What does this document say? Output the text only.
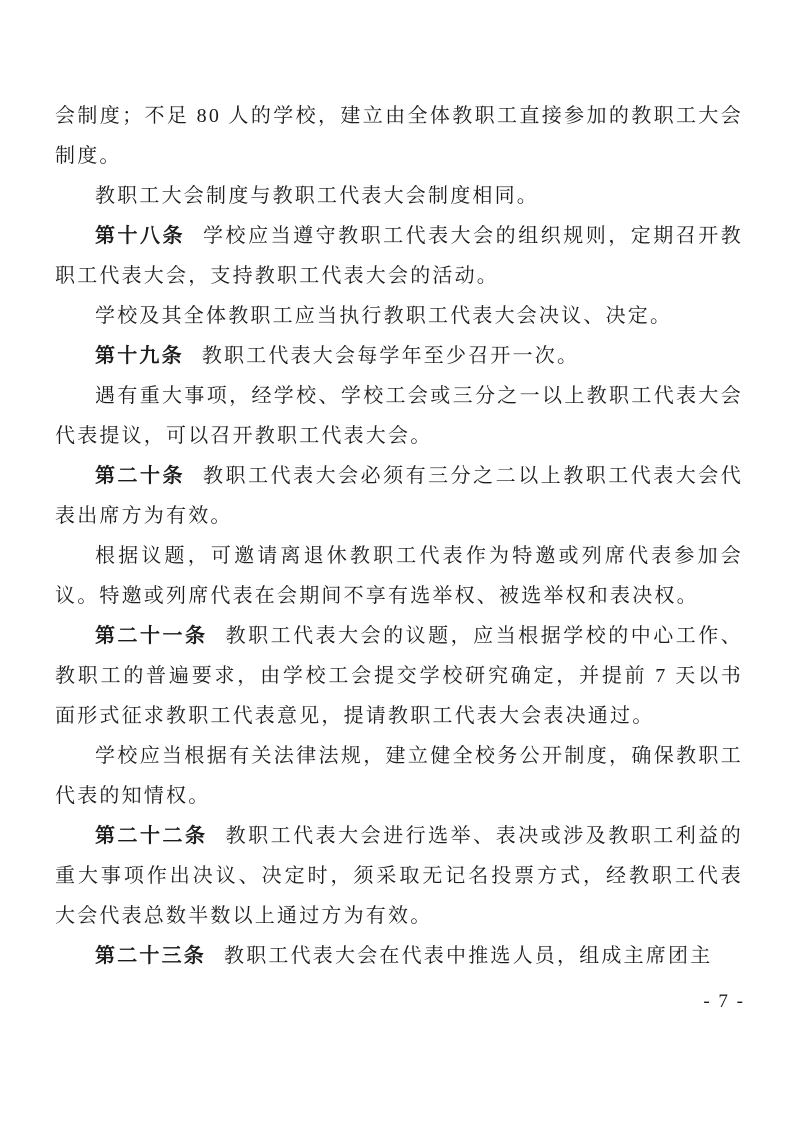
会制度；不足 80 人的学校，建立由全体教职工直接参加的教职工大会制度。

教职工大会制度与教职工代表大会制度相同。

第十八条 学校应当遵守教职工代表大会的组织规则，定期召开教职工代表大会，支持教职工代表大会的活动。

学校及其全体教职工应当执行教职工代表大会决议、决定。

第十九条 教职工代表大会每学年至少召开一次。

遇有重大事项，经学校、学校工会或三分之一以上教职工代表大会代表提议，可以召开教职工代表大会。

第二十条 教职工代表大会必须有三分之二以上教职工代表大会代表出席方为有效。

根据议题，可邀请离退休教职工代表作为特邀或列席代表参加会议。特邀或列席代表在会期间不享有选举权、被选举权和表决权。

第二十一条 教职工代表大会的议题，应当根据学校的中心工作、教职工的普遍要求，由学校工会提交学校研究确定，并提前 7 天以书面形式征求教职工代表意见，提请教职工代表大会表决通过。

学校应当根据有关法律法规，建立健全校务公开制度，确保教职工代表的知情权。

第二十二条 教职工代表大会进行选举、表决或涉及教职工利益的重大事项作出决议、决定时，须采取无记名投票方式，经教职工代表大会代表总数半数以上通过方为有效。

第二十三条 教职工代表大会在代表中推选人员，组成主席团主

- 7 -
